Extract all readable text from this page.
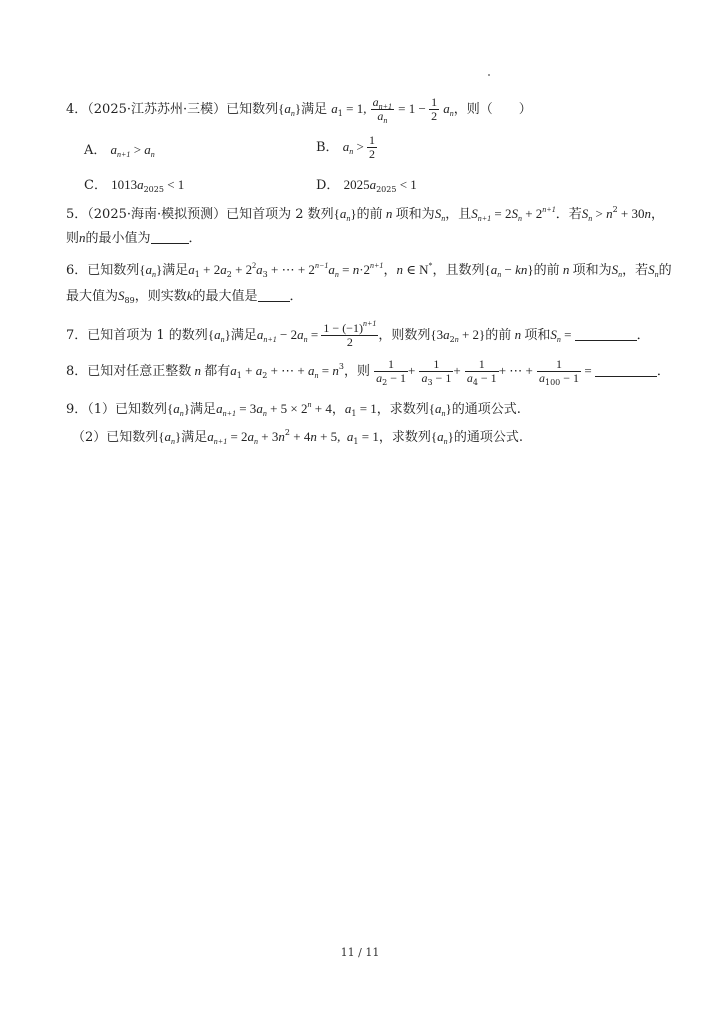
4．（2025·江苏苏州·三模）已知数列$\{a_n\}$满足 $a_1 = 1$, $\frac{a_{n+1}}{a_n} = 1 - \frac{1}{2} a_n$，则（　　）
A． $a_{n+1} > a_n$	B． $a_n > \frac{1}{2}$
C． $1013a_{2025} < 1$	D． $2025a_{2025} < 1$
5．（2025·海南·模拟预测）已知首项为 2 数列$\{a_n\}$的前 n 项和为$S_n$，且$S_{n+1} = 2S_n + 2^{n+1}$．若$S_n > n^2 + 30n$，
则n的最小值为	．
6．已知数列$\{a_n\}$满足$a_1 + 2a_2 + 2^2a_3$ + ⋯ + $2^{n-1}a_n = n\cdot 2^{n+1}$，n ∈ N*，且数列$\{a_n - kn\}$的前 n 项和为$S_n$，若$S_n$的
最大值为$S_{89}$，则实数k的最大值是 ．
7．已知首项为 1 的数列$\{a_n\}$满足$a_{n+1} - 2a_n = \frac{1 - (-1)^{n+1}}{2}$ ，则数列$\{3a_{2n} + 2\}$的前 n 项和$S_n$ =	．
8．已知对任意正整数 n 都有$a_1 + a_2$ + ⋯ + $a_n = n^3$，则 $\frac{1}{a_2 - 1} + \frac{1}{a_3 - 1} + \frac{1}{a_4 - 1}$ + ⋯ + $\frac{1}{a_{100} - 1}$ =	．
9．（1）已知数列$\{a_n\}$满足$a_{n+1} = 3a_n + 5 \times 2^n + 4$，$a_1 = 1$，求数列$\{a_n\}$的通项公式.
（2）已知数列$\{a_n\}$满足$a_{n+1} = 2a_n + 3n^2 + 4n + 5$,  $a_1 = 1$，求数列$\{a_n\}$的通项公式.
11 / 11
